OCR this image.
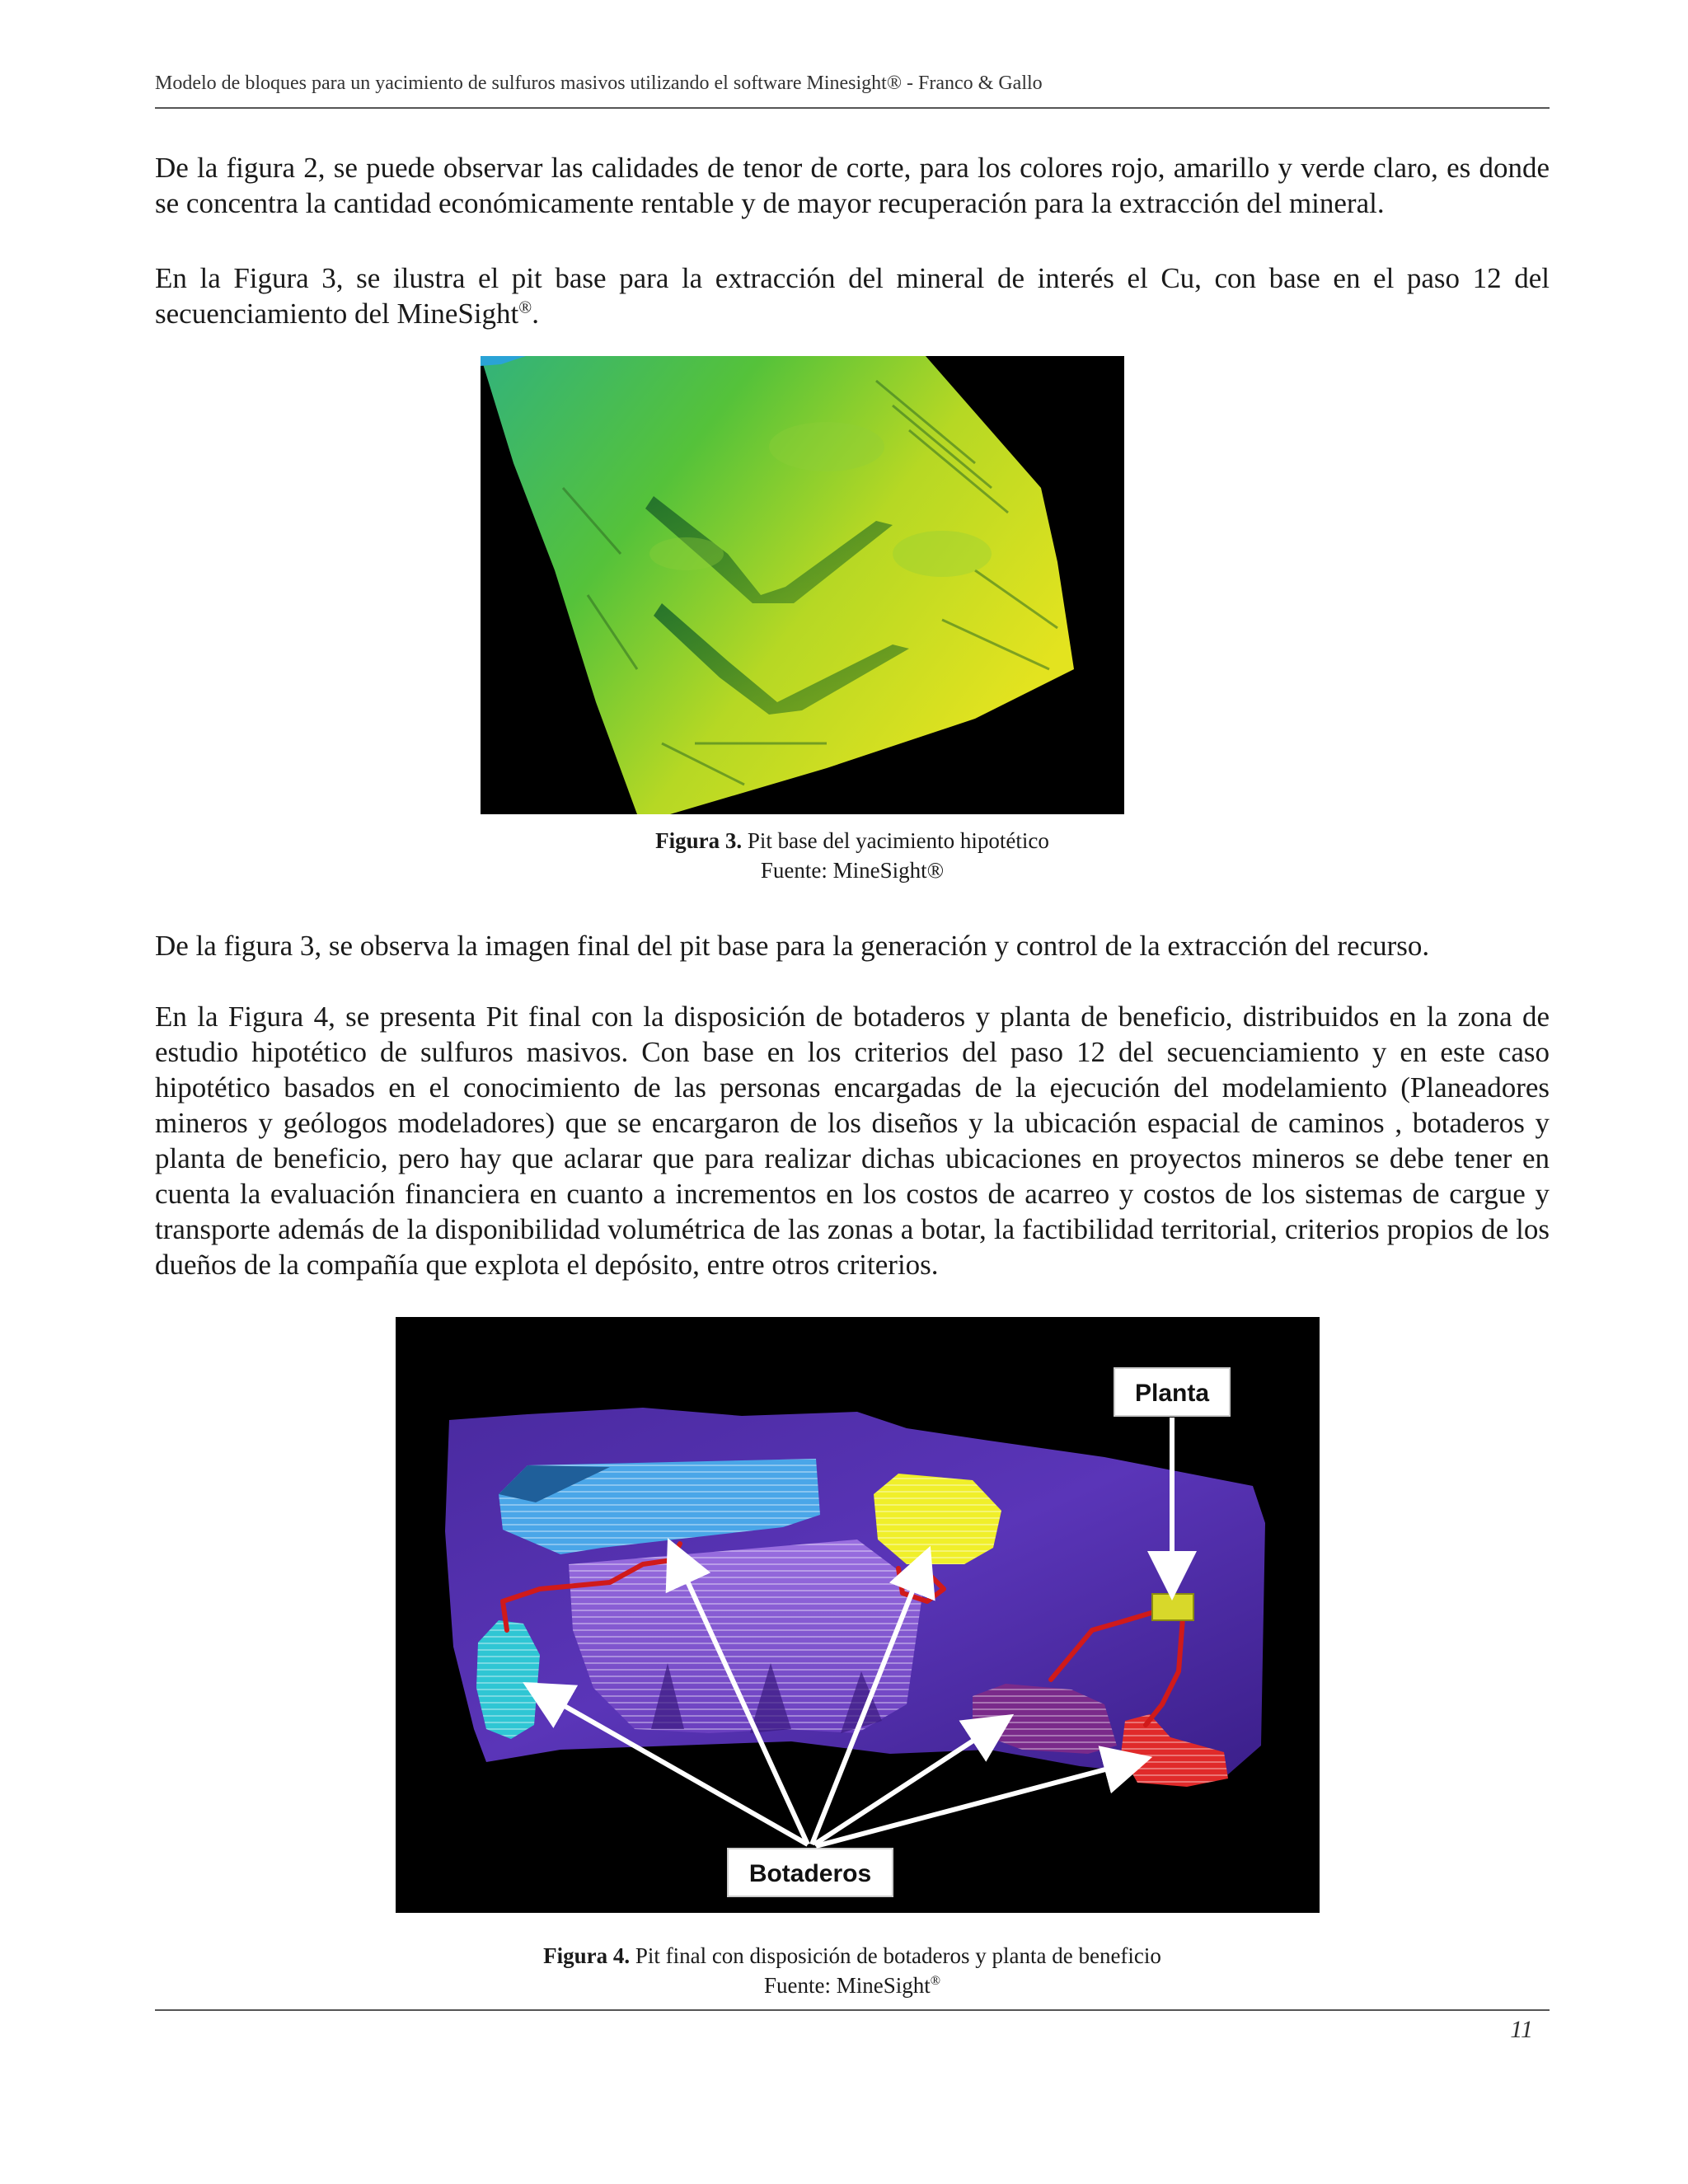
Modelo de bloques para un yacimiento de sulfuros masivos utilizando el software Minesight® - Franco & Gallo

De la figura 2, se puede observar las calidades de tenor de corte, para los colores rojo, amarillo y verde claro, es donde se concentra la cantidad económicamente rentable y de mayor recuperación para la extracción del mineral.

En la Figura 3, se ilustra el pit base para la extracción del mineral de interés el Cu, con base en el paso 12 del secuenciamiento del MineSight®.

Figura 3. Pit base del yacimiento hipotético
Fuente: MineSight®

De la figura 3, se observa la imagen final del pit base para la generación y control de la extracción del recurso.

En la Figura 4, se presenta Pit final con la disposición de botaderos y planta de beneficio, distribuidos en la zona de estudio hipotético de sulfuros masivos. Con base en los criterios del paso 12 del secuenciamiento y en este caso hipotético basados en el conocimiento de las personas encargadas de la ejecución del modelamiento (Planeadores mineros y geólogos modeladores) que se encargaron de los diseños y la ubicación espacial de caminos , botaderos y planta de beneficio, pero hay que aclarar que para realizar dichas ubicaciones en proyectos mineros se debe tener en cuenta la evaluación financiera en cuanto a incrementos en los costos de acarreo y costos de los sistemas de cargue y transporte además de la disponibilidad volumétrica de las zonas a botar, la factibilidad territorial, criterios propios de los dueños de la compañía que explota el depósito, entre otros criterios.

Planta
Botaderos
Figura 4. Pit final con disposición de botaderos y planta de beneficio
Fuente: MineSight®
11
